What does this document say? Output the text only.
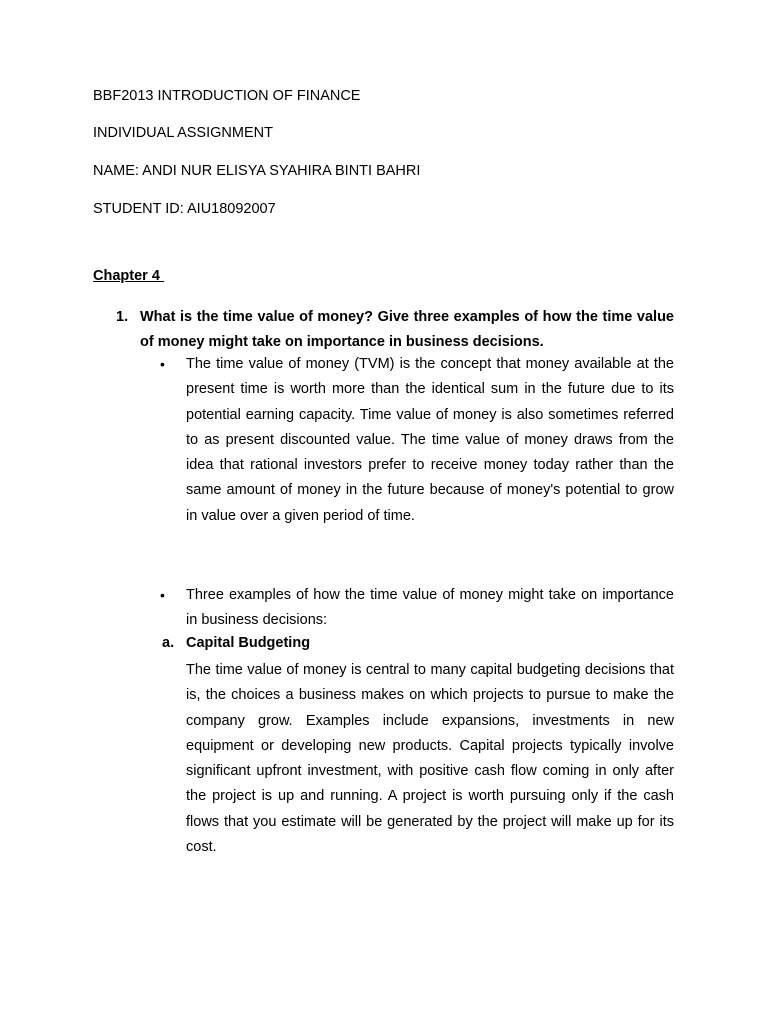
BBF2013 INTRODUCTION OF FINANCE
INDIVIDUAL ASSIGNMENT
NAME: ANDI NUR ELISYA SYAHIRA BINTI BAHRI
STUDENT ID: AIU18092007
Chapter 4
1. What is the time value of money? Give three examples of how the time value of money might take on importance in business decisions.
• The time value of money (TVM) is the concept that money available at the present time is worth more than the identical sum in the future due to its potential earning capacity. Time value of money is also sometimes referred to as present discounted value. The time value of money draws from the idea that rational investors prefer to receive money today rather than the same amount of money in the future because of money's potential to grow in value over a given period of time.

• Three examples of how the time value of money might take on importance in business decisions:

a. Capital Budgeting

The time value of money is central to many capital budgeting decisions that is, the choices a business makes on which projects to pursue to make the company grow. Examples include expansions, investments in new equipment or developing new products. Capital projects typically involve significant upfront investment, with positive cash flow coming in only after the project is up and running. A project is worth pursuing only if the cash flows that you estimate will be generated by the project will make up for its cost.
